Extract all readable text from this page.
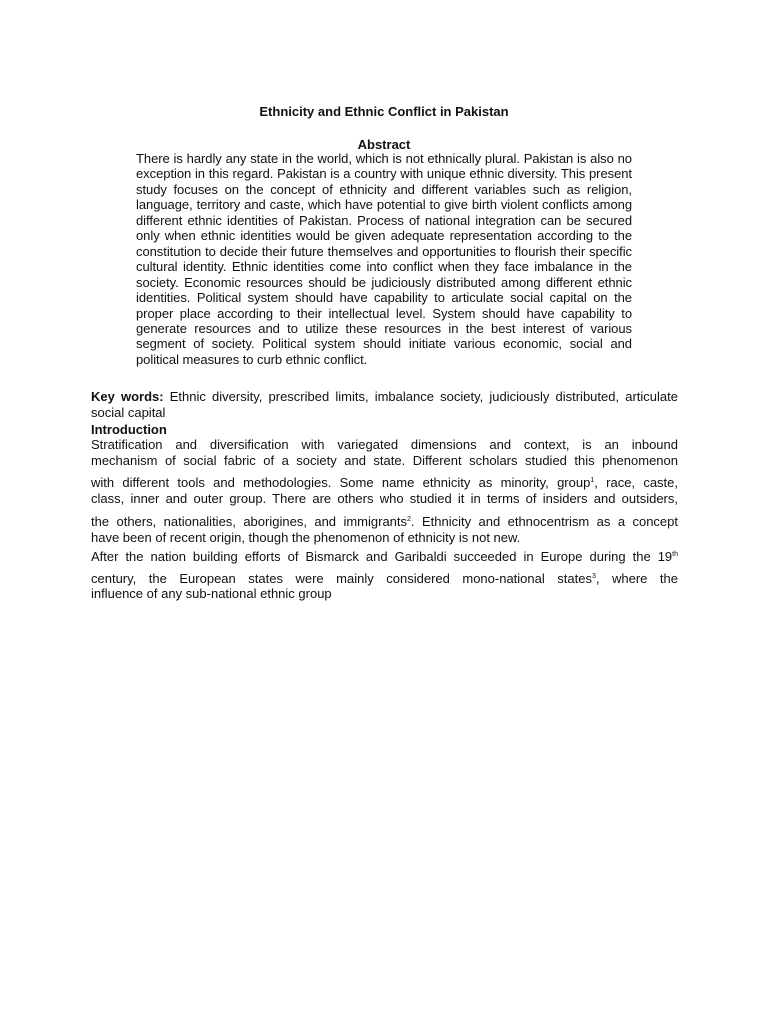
Ethnicity and Ethnic Conflict in Pakistan
Abstract

There is hardly any state in the world, which is not ethnically plural. Pakistan is also no exception in this regard. Pakistan is a country with unique ethnic diversity. This present study focuses on the concept of ethnicity and different variables such as religion, language, territory and caste, which have potential to give birth violent conflicts among different ethnic identities of Pakistan. Process of national integration can be secured only when ethnic identities would be given adequate representation according to the constitution to decide their future themselves and opportunities to flourish their specific cultural identity. Ethnic identities come into conflict when they face imbalance in the society. Economic resources should be judiciously distributed among different ethnic identities. Political system should have capability to articulate social capital on the proper place according to their intellectual level. System should have capability to generate resources and to utilize these resources in the best interest of various segment of society. Political system should initiate various economic, social and political measures to curb ethnic conflict.

Key words: Ethnic diversity, prescribed limits, imbalance society, judiciously distributed, articulate social capital

Introduction

Stratification and diversification with variegated dimensions and context, is an inbound
mechanism of social fabric of a society and state. Different scholars studied this phenomenon
with different tools and methodologies. Some name ethnicity as minority, group$^1$, race, caste,
class, inner and outer group. There are others who studied it in terms of insiders and outsiders,
the others, nationalities, aborigines, and immigrants$^2$. Ethnicity and ethnocentrism as a concept
have been of recent origin, though the phenomenon of ethnicity is not new.
After the nation building efforts of Bismarck and Garibaldi succeeded in Europe during the 19th
century, the European states were mainly considered mono-national states$^3$, where the
influence of any sub-national ethnic group
